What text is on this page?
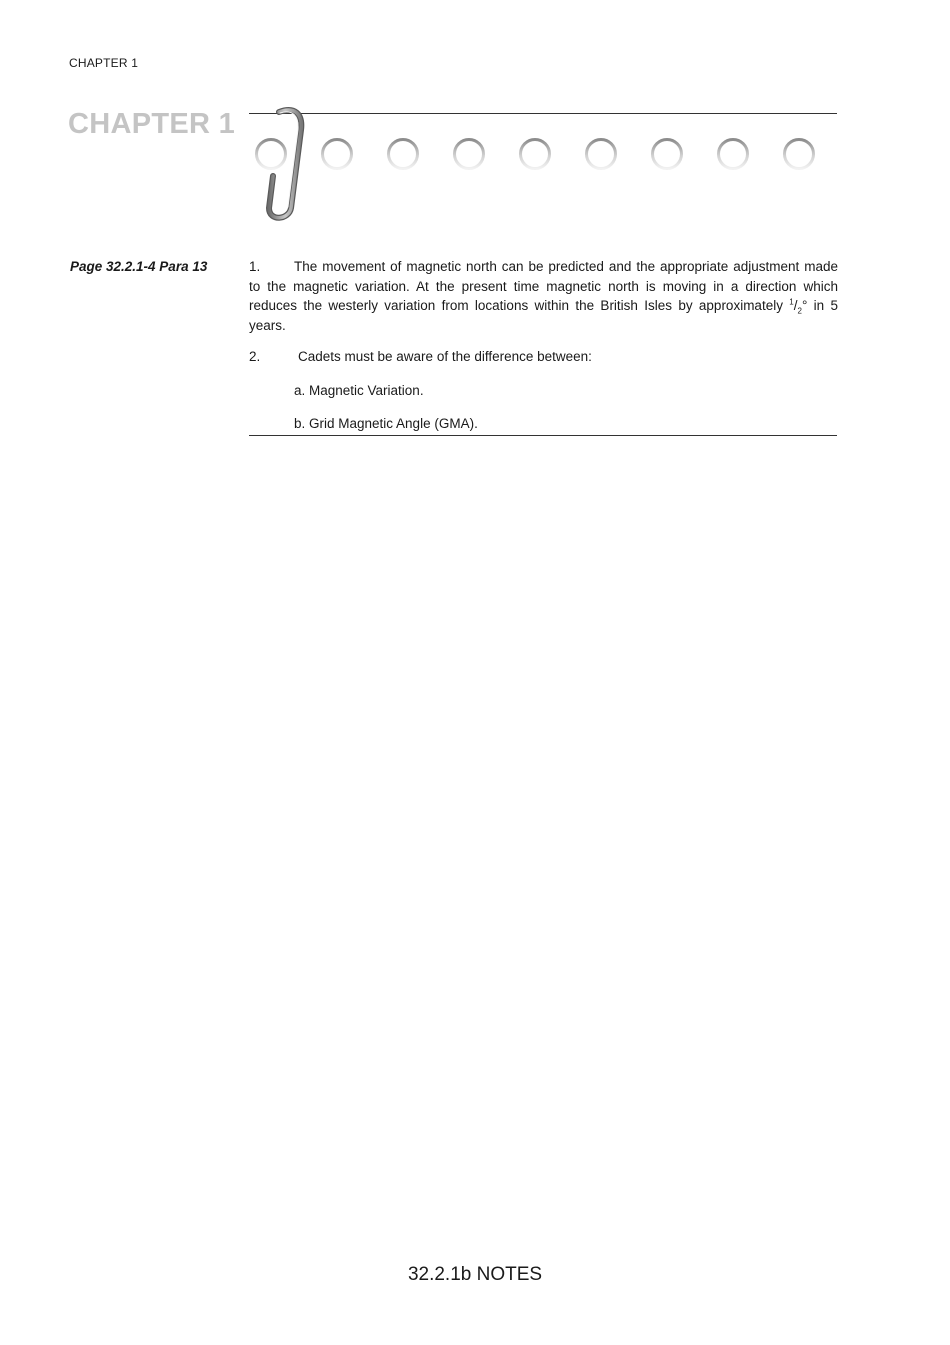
CHAPTER 1
CHAPTER 1
Page 32.2.1-4 Para 13	1. The movement of magnetic north can be predicted and the appropriate adjustment made to the magnetic variation. At the present time magnetic north is moving in a direction which reduces the westerly variation from locations within the British Isles by approximately $^1/_2^\circ$ in 5 years.

2.	Cadets must be aware of the difference between:

a. Magnetic Variation.

b. Grid Magnetic Angle (GMA).

32.2.1b NOTES
